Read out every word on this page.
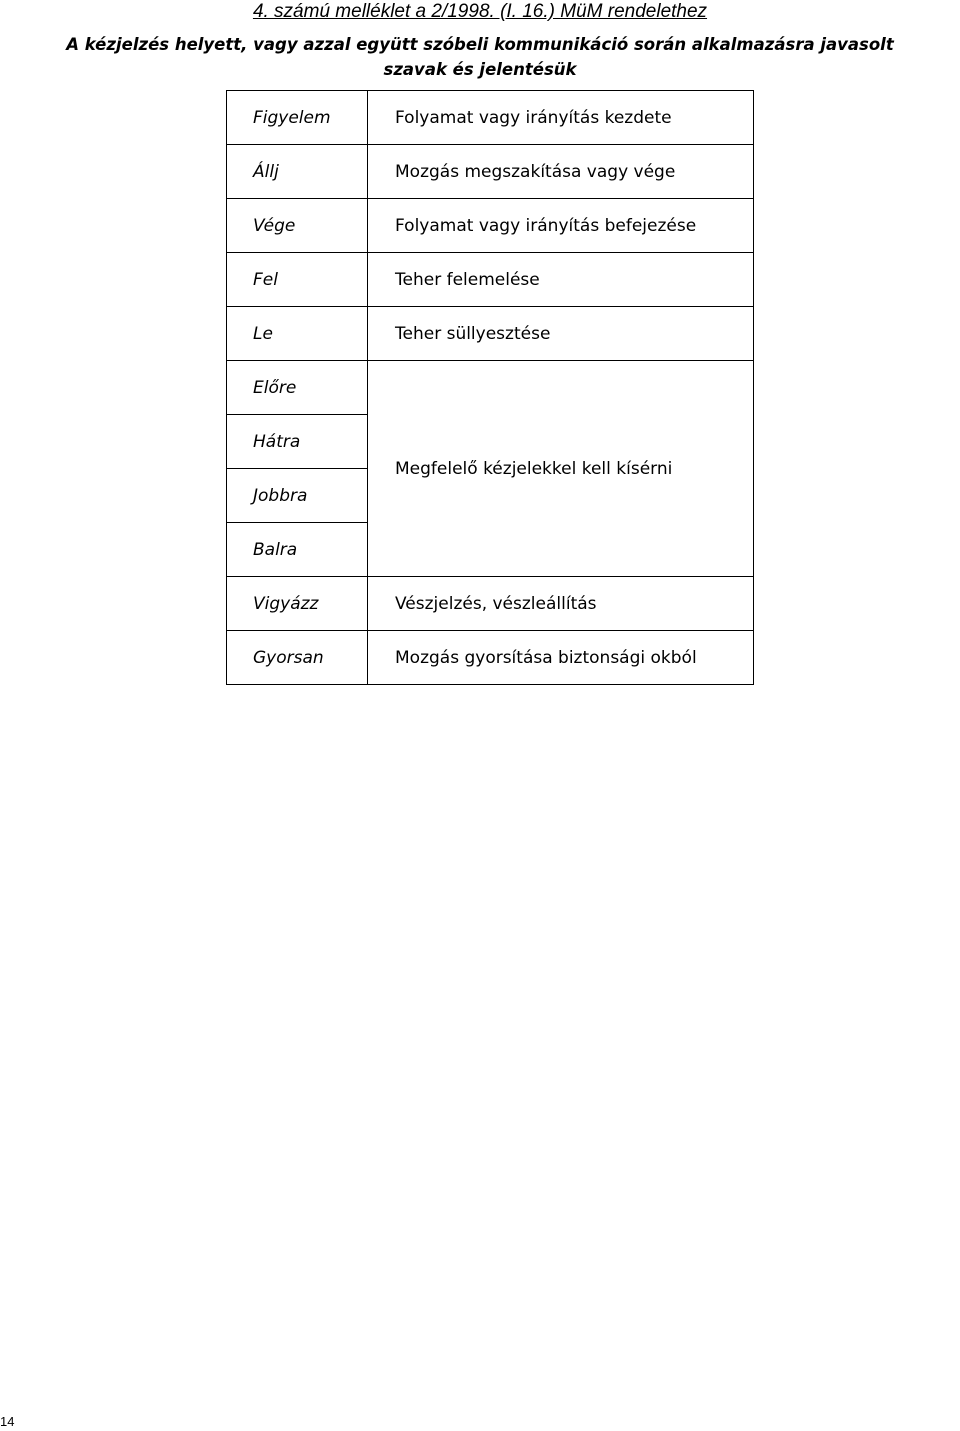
4. számú melléklet a 2/1998. (I. 16.) MüM rendelethez
A kézjelzés helyett, vagy azzal együtt szóbeli kommunikáció során alkalmazásra javasolt
szavak és jelentésük
Figyelem	Folyamat vagy irányítás kezdete
Állj	Mozgás megszakítása vagy vége
Vége	Folyamat vagy irányítás befejezése
Fel	Teher felemelése
Le	Teher süllyesztése
Előre	Megfelelő kézjelekkel kell kísérni
Hátra	
Jobbra	
Balra	
Vigyázz	Vészjelzés, vészleállítás
Gyorsan	Mozgás gyorsítása biztonsági okból
14
